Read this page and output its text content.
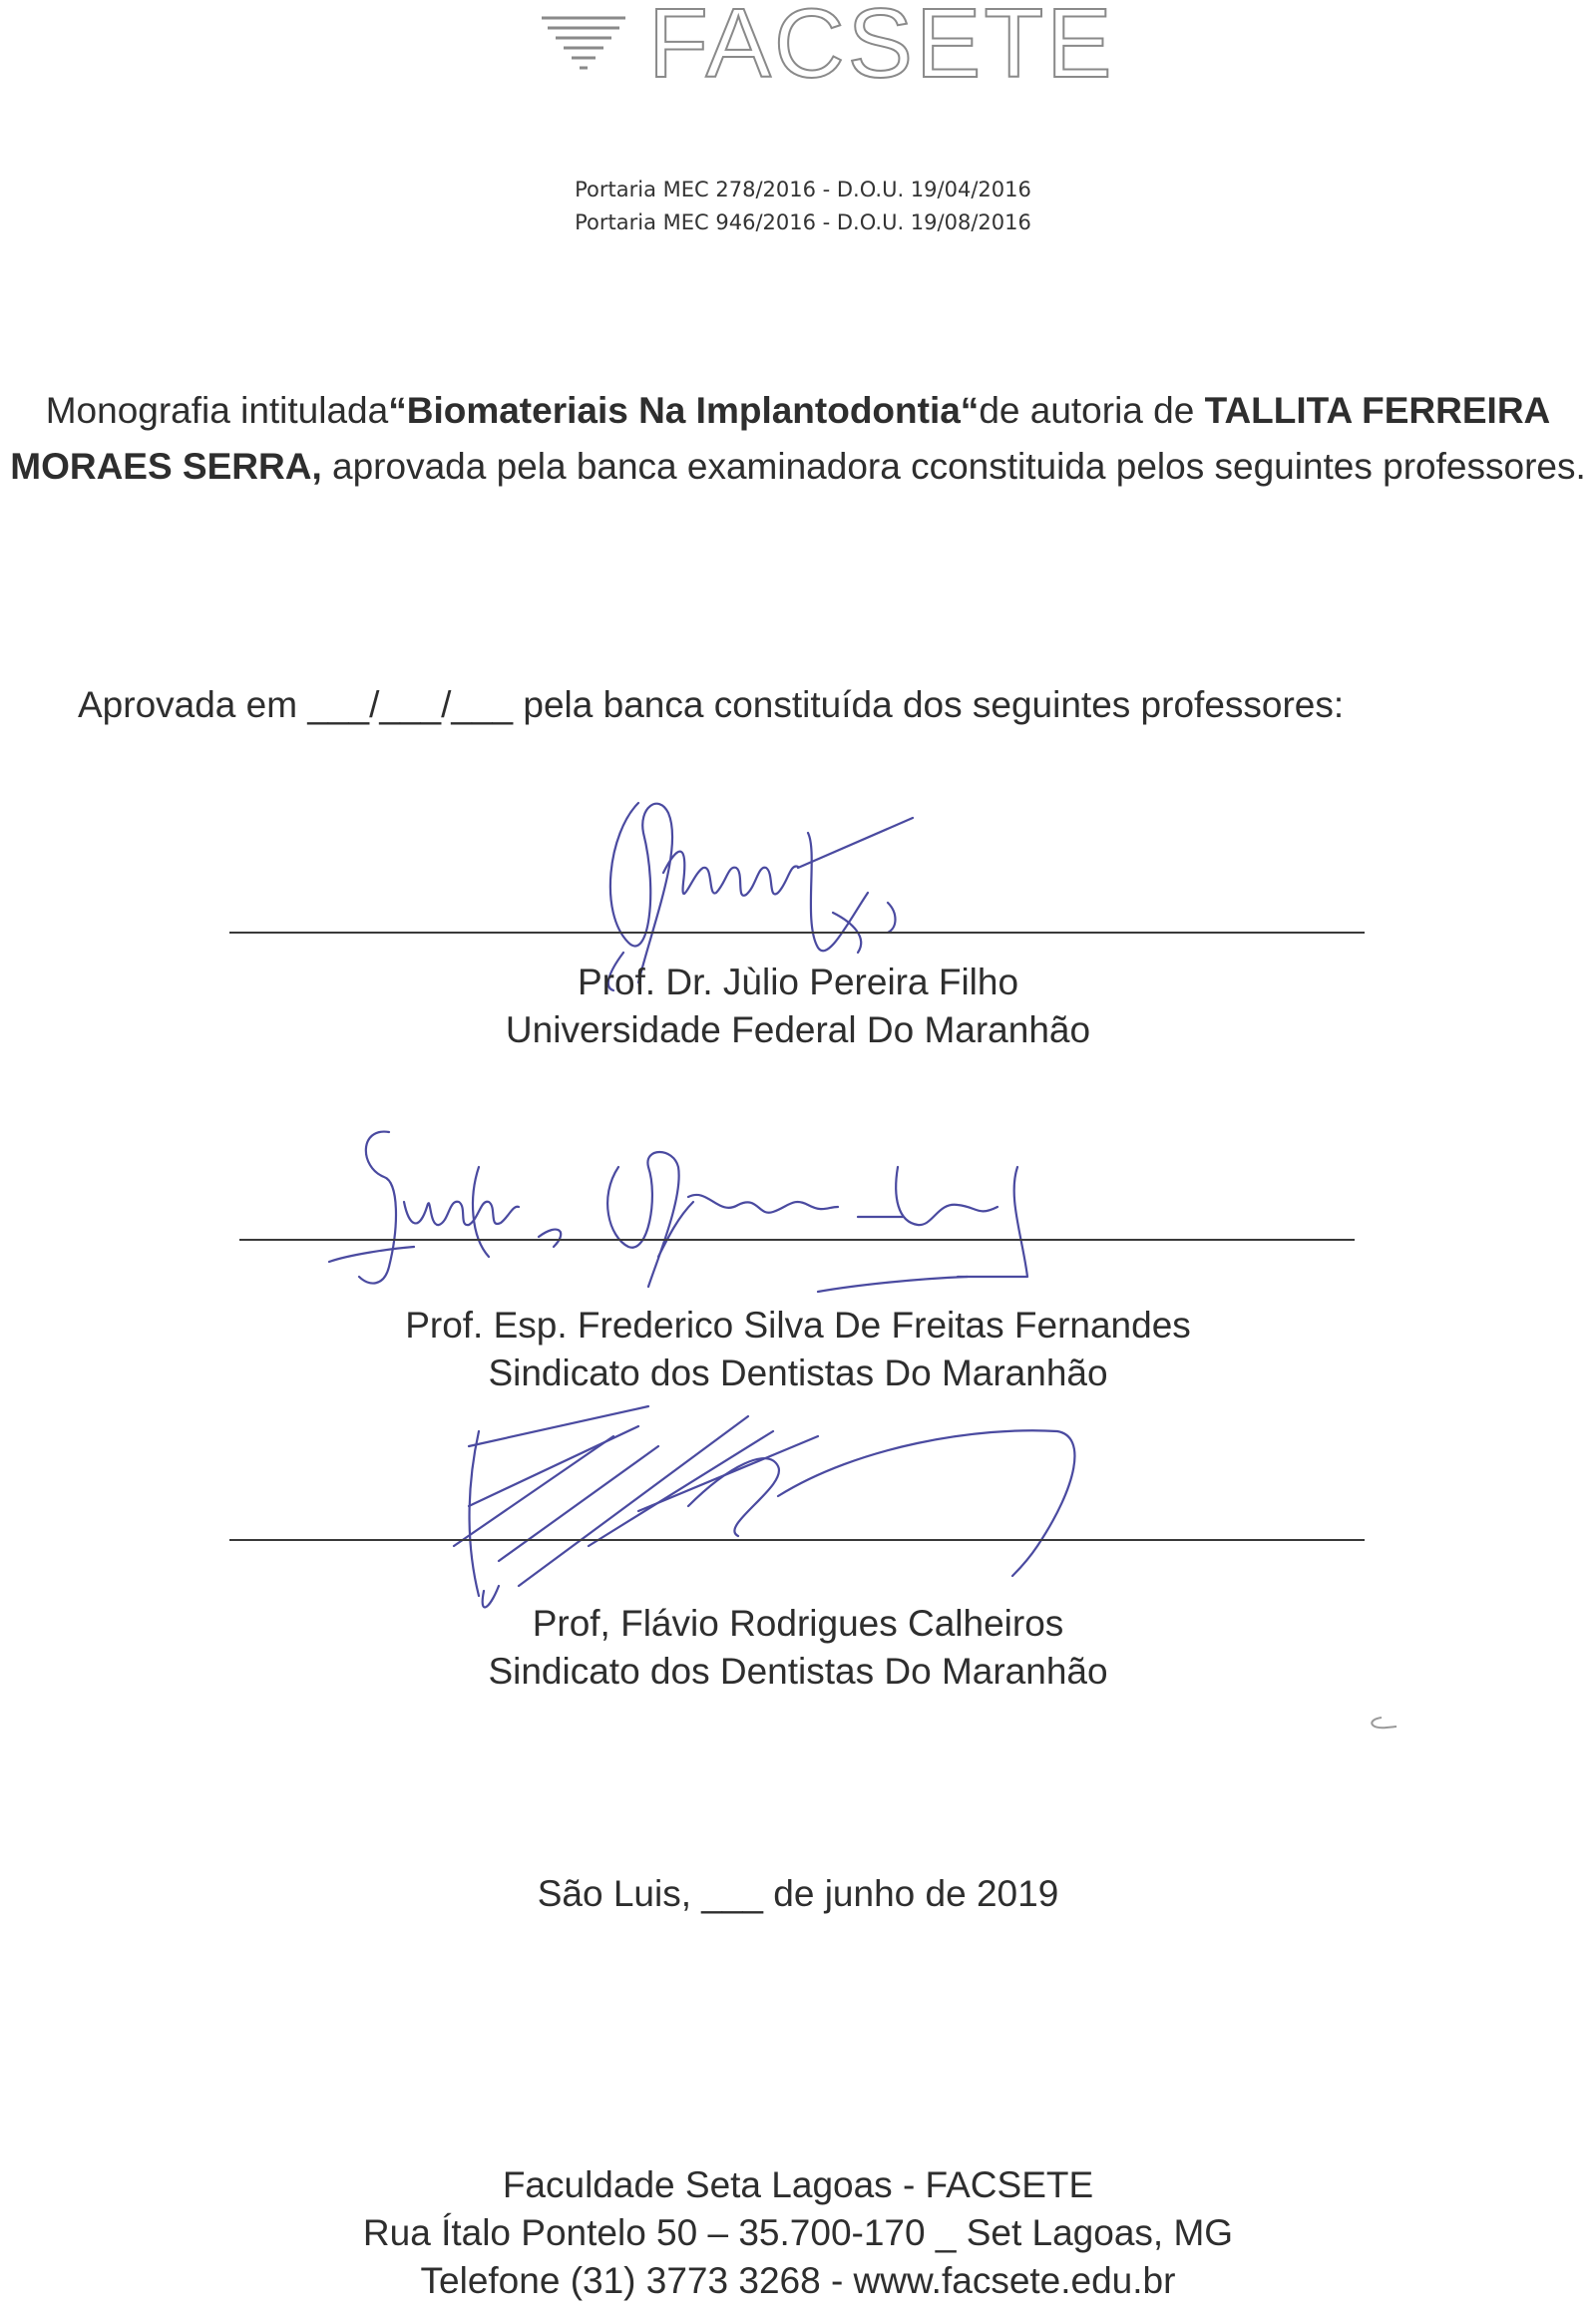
FACSETE
Portaria MEC 278/2016 - D.O.U. 19/04/2016
Portaria MEC 946/2016 - D.O.U. 19/08/2016
Monografia intitulada“Biomateriais Na Implantodontia“de autoria de TALLITA FERREIRA MORAES SERRA, aprovada pela banca examinadora cconstituida pelos seguintes professores.
Aprovada em ___/___/___ pela banca constituída dos seguintes professores:
Prof. Dr. Jùlio Pereira Filho
Universidade Federal Do Maranhão
Prof. Esp. Frederico Silva De Freitas Fernandes
Sindicato dos Dentistas Do Maranhão
Prof, Flávio Rodrigues Calheiros
Sindicato dos Dentistas Do Maranhão
São Luis, ___ de junho de 2019
Faculdade Seta Lagoas - FACSETE
Rua Ítalo Pontelo 50 – 35.700-170 _ Set Lagoas, MG
Telefone (31) 3773 3268 - www.facsete.edu.br
